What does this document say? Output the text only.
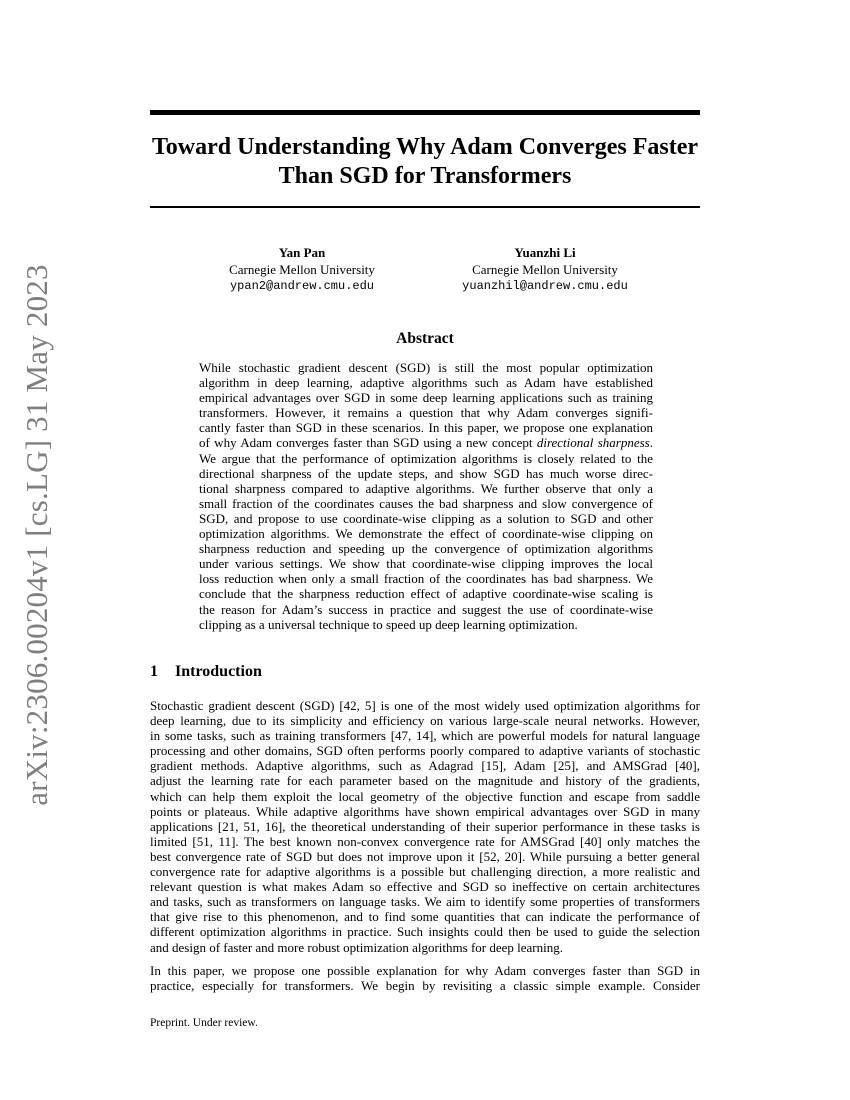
arXiv:2306.00204v1 [cs.LG] 31 May 2023
Toward Understanding Why Adam Converges Faster
Than SGD for Transformers
Yan Pan
Carnegie Mellon University
ypan2@andrew.cmu.edu
Yuanzhi Li
Carnegie Mellon University
yuanzhil@andrew.cmu.edu
Abstract
While stochastic gradient descent (SGD) is still the most popular optimization
algorithm in deep learning, adaptive algorithms such as Adam have established
empirical advantages over SGD in some deep learning applications such as training
transformers. However, it remains a question that why Adam converges signifi-
cantly faster than SGD in these scenarios. In this paper, we propose one explanation
of why Adam converges faster than SGD using a new concept directional sharpness.
We argue that the performance of optimization algorithms is closely related to the
directional sharpness of the update steps, and show SGD has much worse direc-
tional sharpness compared to adaptive algorithms. We further observe that only a
small fraction of the coordinates causes the bad sharpness and slow convergence of
SGD, and propose to use coordinate-wise clipping as a solution to SGD and other
optimization algorithms. We demonstrate the effect of coordinate-wise clipping on
sharpness reduction and speeding up the convergence of optimization algorithms
under various settings. We show that coordinate-wise clipping improves the local
loss reduction when only a small fraction of the coordinates has bad sharpness. We
conclude that the sharpness reduction effect of adaptive coordinate-wise scaling is
the reason for Adam’s success in practice and suggest the use of coordinate-wise
clipping as a universal technique to speed up deep learning optimization.
1 Introduction
Stochastic gradient descent (SGD) [42, 5] is one of the most widely used optimization algorithms for
deep learning, due to its simplicity and efficiency on various large-scale neural networks. However,
in some tasks, such as training transformers [47, 14], which are powerful models for natural language
processing and other domains, SGD often performs poorly compared to adaptive variants of stochastic
gradient methods. Adaptive algorithms, such as Adagrad [15], Adam [25], and AMSGrad [40],
adjust the learning rate for each parameter based on the magnitude and history of the gradients,
which can help them exploit the local geometry of the objective function and escape from saddle
points or plateaus. While adaptive algorithms have shown empirical advantages over SGD in many
applications [21, 51, 16], the theoretical understanding of their superior performance in these tasks is
limited [51, 11]. The best known non-convex convergence rate for AMSGrad [40] only matches the
best convergence rate of SGD but does not improve upon it [52, 20]. While pursuing a better general
convergence rate for adaptive algorithms is a possible but challenging direction, a more realistic and
relevant question is what makes Adam so effective and SGD so ineffective on certain architectures
and tasks, such as transformers on language tasks. We aim to identify some properties of transformers
that give rise to this phenomenon, and to find some quantities that can indicate the performance of
different optimization algorithms in practice. Such insights could then be used to guide the selection
and design of faster and more robust optimization algorithms for deep learning.
In this paper, we propose one possible explanation for why Adam converges faster than SGD in
practice, especially for transformers. We begin by revisiting a classic simple example. Consider
Preprint. Under review.
